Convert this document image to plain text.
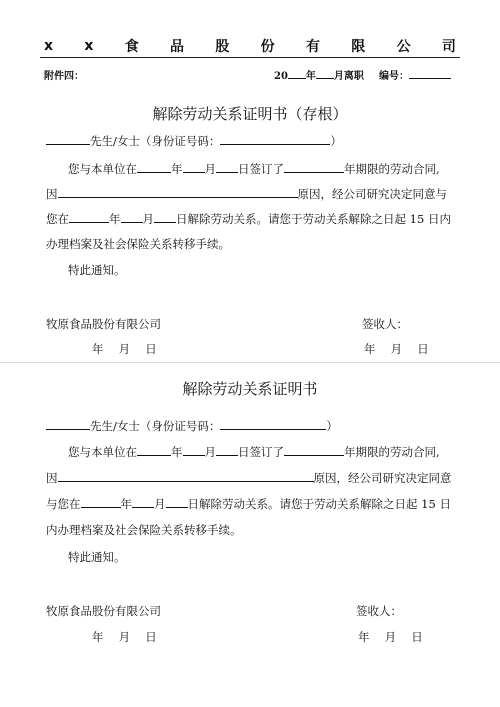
x x 食 品 股 份 有 限 公 司
附件四：	20 年 月离职 编号：
解除劳动关系证明书（存根）
先生/女士（身份证号码：	）
您与本单位在	年 月 日签订了	年期限的劳动合同,
因	原因，经公司研究决定同意与
您在	年 月 日解除劳动关系。请您于劳动关系解除之日起 15 日内
办理档案及社会保险关系转移手续。
特此通知。
牧原食品股份有限公司	签收人：
年　 月　 日	年　 月　 日
解除劳动关系证明书
先生/女士（身份证号码：	）
您与本单位在	年 月 日签订了	年期限的劳动合同,
因	原因，经公司研究决定同意
与您在	年 月 日解除劳动关系。请您于劳动关系解除之日起 15 日
内办理档案及社会保险关系转移手续。
特此通知。
牧原食品股份有限公司	签收人：
年　 月　 日	年　 月　 日
